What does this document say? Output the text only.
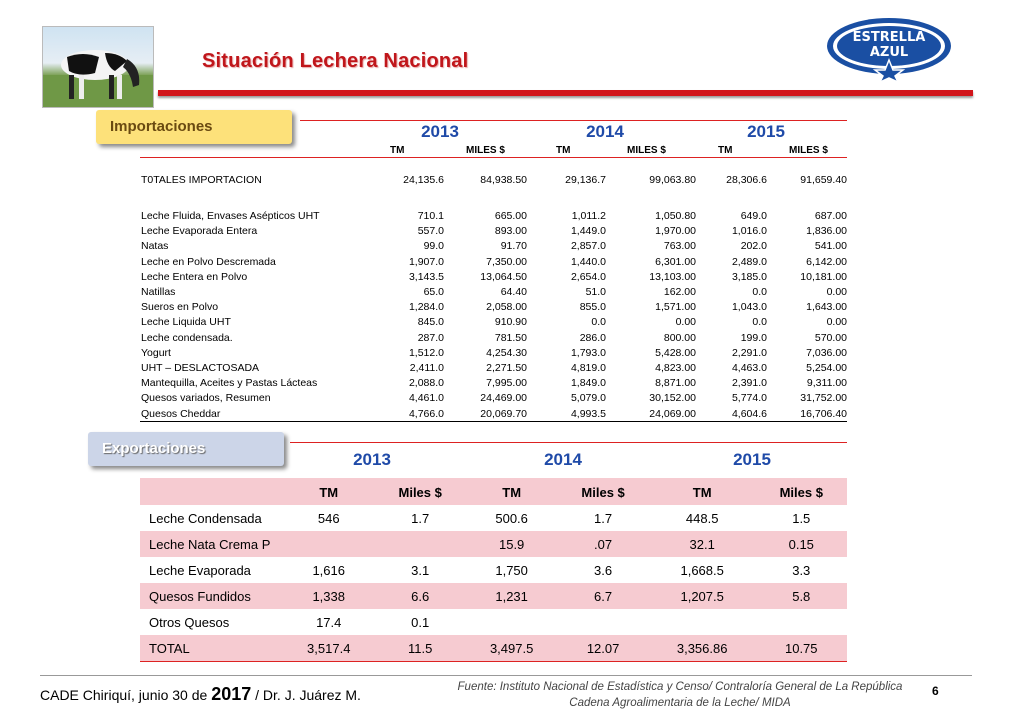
Situación Lechera Nacional
ESTRELLA
AZUL
Importaciones	2013	2014	2015
TM	MILES $	TM	MILES $	TM	MILES $
T0TALES IMPORTACION	24,135.6	84,938.50	29,136.7	99,063.80	28,306.6	91,659.40
Leche Fluida, Envases Asépticos UHT	710.1	665.00	1,011.2	1,050.80	649.0	687.00
Leche Evaporada Entera	557.0	893.00	1,449.0	1,970.00	1,016.0	1,836.00
Natas	99.0	91.70	2,857.0	763.00	202.0	541.00
Leche en Polvo Descremada	1,907.0	7,350.00	1,440.0	6,301.00	2,489.0	6,142.00
Leche Entera en Polvo	3,143.5	13,064.50	2,654.0	13,103.00	3,185.0	10,181.00
Natillas	65.0	64.40	51.0	162.00	0.0	0.00
Sueros en Polvo	1,284.0	2,058.00	855.0	1,571.00	1,043.0	1,643.00
Leche Liquida UHT	845.0	910.90	0.0	0.00	0.0	0.00
Leche condensada.	287.0	781.50	286.0	800.00	199.0	570.00
Yogurt	1,512.0	4,254.30	1,793.0	5,428.00	2,291.0	7,036.00
UHT – DESLACTOSADA	2,411.0	2,271.50	4,819.0	4,823.00	4,463.0	5,254.00
Mantequilla, Aceites y Pastas Lácteas	2,088.0	7,995.00	1,849.0	8,871.00	2,391.0	9,311.00
Quesos variados, Resumen	4,461.0	24,469.00	5,079.0	30,152.00	5,774.0	31,752.00
Quesos Cheddar	4,766.0	20,069.70	4,993.5	24,069.00	4,604.6	16,706.40
Exportaciones
2013	2014	2015
	TM	Miles $	TM	Miles $	TM	Miles $
Leche Condensada	546	1.7	500.6	1.7	448.5	1.5
Leche Nata Crema P			15.9	.07	32.1	0.15
Leche Evaporada	1,616	3.1	1,750	3.6	1,668.5	3.3
Quesos Fundidos	1,338	6.6	1,231	6.7	1,207.5	5.8
Otros Quesos	17.4	0.1				
TOTAL	3,517.4	11.5	3,497.5	12.07	3,356.86	10.75
CADE Chiriquí, junio 30 de 2017 / Dr. J. Juárez M.	Fuente: Instituto Nacional de Estadística y Censo/ Contraloría General de La República
Cadena Agroalimentaria de la Leche/ MIDA
6
